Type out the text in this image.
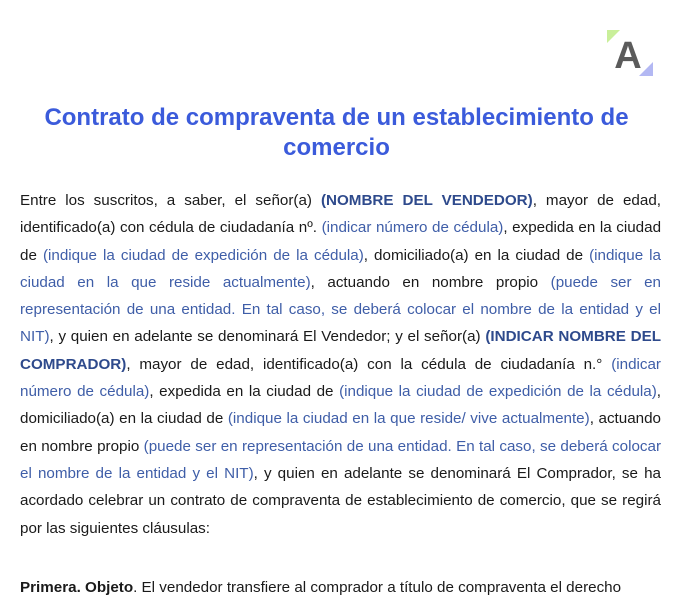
A
Contrato de compraventa de un establecimiento de comercio

Entre los suscritos, a saber, el señor(a) (NOMBRE DEL VENDEDOR), mayor de edad, identificado(a) con cédula de ciudadanía nº. (indicar número de cédula), expedida en la ciudad de (indique la ciudad de expedición de la cédula), domiciliado(a) en la ciudad de (indique la ciudad en la que reside actualmente), actuando en nombre propio (puede ser en representación de una entidad. En tal caso, se deberá colocar el nombre de la entidad y el NIT), y quien en adelante se denominará El Vendedor; y el señor(a) (INDICAR NOMBRE DEL COMPRADOR), mayor de edad, identificado(a) con la cédula de ciudadanía n.° (indicar número de cédula), expedida en la ciudad de (indique la ciudad de expedición de la cédula), domiciliado(a) en la ciudad de (indique la ciudad en la que reside/ vive actualmente), actuando en nombre propio (puede ser en representación de una entidad. En tal caso, se deberá colocar el nombre de la entidad y el NIT), y quien en adelante se denominará El Comprador, se ha acordado celebrar un contrato de compraventa de establecimiento de comercio, que se regirá por las siguientes cláusulas:

Primera. Objeto. El vendedor transfiere al comprador a título de compraventa el derecho
